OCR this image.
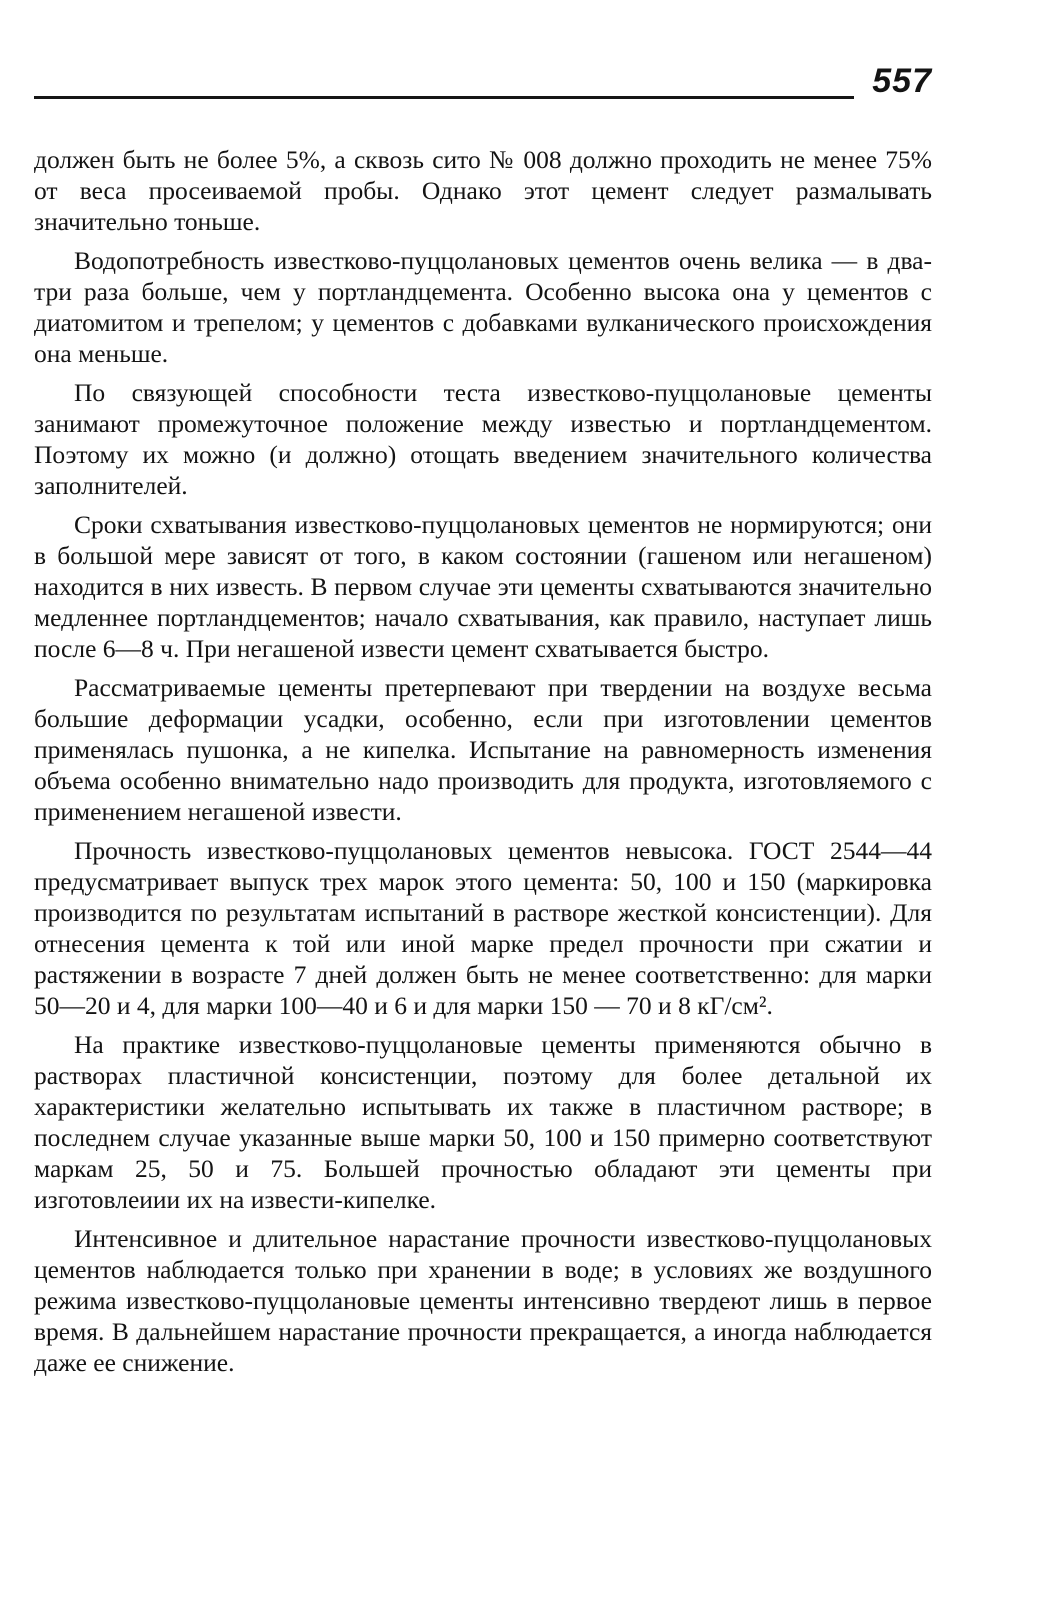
557

должен быть не более 5%, а сквозь сито № 008 должно проходить не менее 75% от веса просеиваемой пробы. Однако этот цемент следует размалывать значительно тоньше.

Водопотребность известково-пуццолановых цементов очень велика — в два-три раза больше, чем у портландцемента. Особенно высока она у цементов с диатомитом и трепелом; у цементов с добавками вулканического происхождения она меньше.

По связующей способности теста известково-пуццолановые цементы занимают промежуточное положение между известью и портландцементом. Поэтому их можно (и должно) отощать введением значительного количества заполнителей.

Сроки схватывания известково-пуццолановых цементов не нормируются; они в большой мере зависят от того, в каком состоянии (гашеном или негашеном) находится в них известь. В первом случае эти цементы схватываются значительно медленнее портландцементов; начало схватывания, как правило, наступает лишь после 6—8 ч. При негашеной извести цемент схватывается быстро.

Рассматриваемые цементы претерпевают при твердении на воздухе весьма большие деформации усадки, особенно, если при изготовлении цементов применялась пушонка, а не кипелка. Испытание на равномерность изменения объема особенно внимательно надо производить для продукта, изготовляемого с применением негашеной извести.

Прочность известково-пуццолановых цементов невысока. ГОСТ 2544—44 предусматривает выпуск трех марок этого цемента: 50, 100 и 150 (маркировка производится по результатам испытаний в растворе жесткой консистенции). Для отнесения цемента к той или иной марке предел прочности при сжатии и растяжении в возрасте 7 дней должен быть не менее соответственно: для марки 50—20 и 4, для марки 100—40 и 6 и для марки 150 — 70 и 8 кГ/см².

На практике известково-пуццолановые цементы применяются обычно в растворах пластичной консистенции, поэтому для более детальной их характеристики желательно испытывать их также в пластичном растворе; в последнем случае указанные выше марки 50, 100 и 150 примерно соответствуют маркам 25, 50 и 75. Большей прочностью обладают эти цементы при изготовлеиии их на извести-кипелке.

Интенсивное и длительное нарастание прочности известково-пуццолановых цементов наблюдается только при хранении в воде; в условиях же воздушного режима известково-пуццолановые цементы интенсивно твердеют лишь в первое время. В дальнейшем нарастание прочности прекращается, а иногда наблюдается даже ее снижение.
